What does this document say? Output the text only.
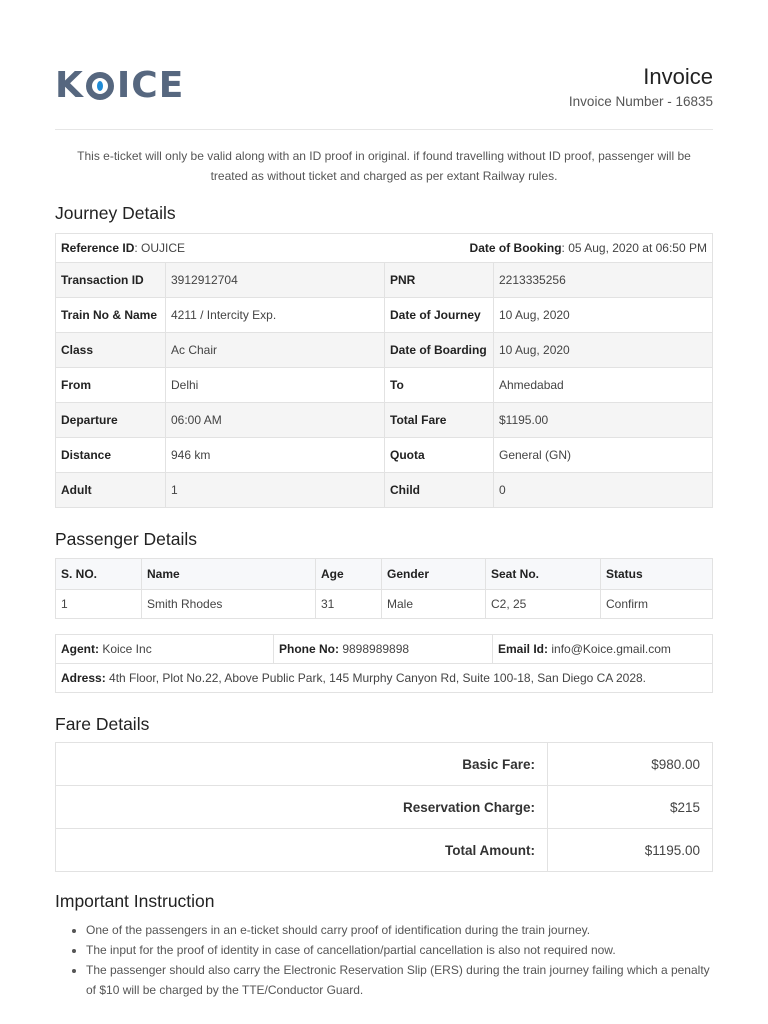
K ICE	Invoice
Invoice Number - 16835

This e-ticket will only be valid along with an ID proof in original. if found travelling without ID proof, passenger will be treated as without ticket and charged as per extant Railway rules.

Journey Details
Reference ID: OUJICE Date of Booking: 05 Aug, 2020 at 06:50 PM			

Transaction ID	3912912704	PNR	2213335256
Train No & Name	4211 / Intercity Exp.	Date of Journey	10 Aug, 2020
Class	Ac Chair	Date of Boarding	10 Aug, 2020
From	Delhi	To	Ahmedabad
Departure	06:00 AM	Total Fare	$1195.00
Distance	946 km	Quota	General (GN)
Adult	1	Child	0
Passenger Details
S. NO.	Name	Age	Gender	Seat No.	Status
1	Smith Rhodes	31	Male	C2, 25	Confirm
Agent: Koice Inc	Phone No: 9898989898	Email Id: info@Koice.gmail.com
Adress: 4th Floor, Plot No.22, Above Public Park, 145 Murphy Canyon Rd, Suite 100-18, San Diego CA 2028.
Fare Details
Basic Fare:	$980.00
Reservation Charge:	$215
Total Amount:	$1195.00
Important Instruction
• One of the passengers in an e-ticket should carry proof of identification during the train journey.
• The input for the proof of identity in case of cancellation/partial cancellation is also not required now.
• The passenger should also carry the Electronic Reservation Slip (ERS) during the train journey failing which a penalty of $10 will be charged by the TTE/Conductor Guard.
